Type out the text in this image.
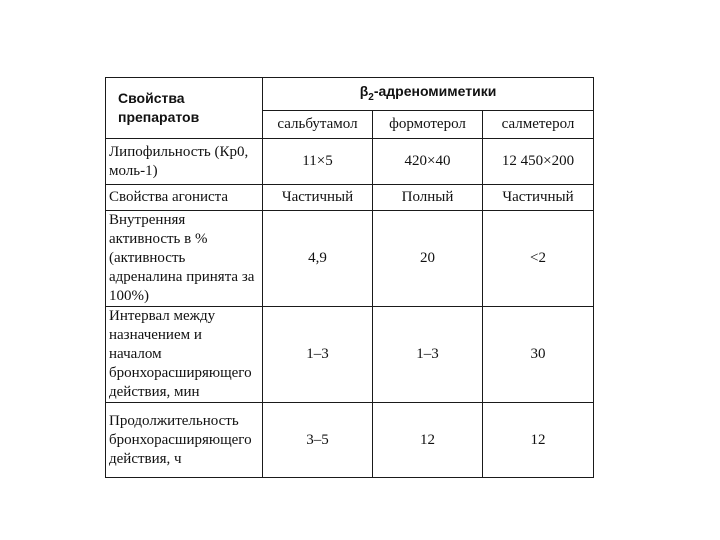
Свойства препаратов	$\beta_2$-адреномиметики		
	сальбутамол	формотерол	салметерол
Липофильность (Кр0, моль-1)	11×5	420×40	12 450×200
Свойства агониста	Частичный	Полный	Частичный
Внутренняя активность в % (активность адреналина принята за 100%)	4,9	20	<2
Интервал между назначением и началом бронхорасширяющего действия, мин	1–3	1–3	30
Продолжительность бронхорасширяющего действия, ч	3–5	12	12
